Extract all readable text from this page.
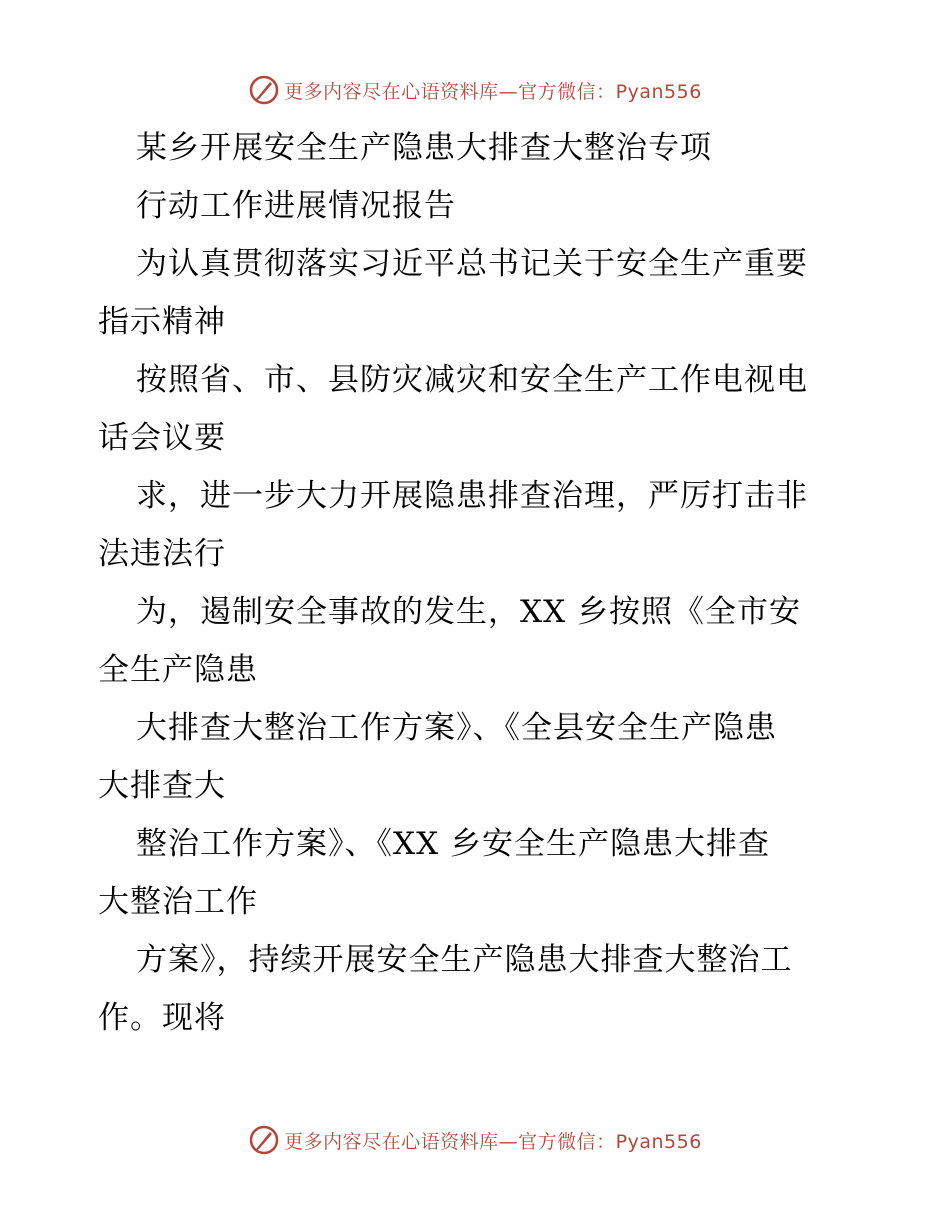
更多内容尽在心语资料库—官方微信：Pyan556
某乡开展安全生产隐患大排查大整治专项
行动工作进展情况报告
为认真贯彻落实习近平总书记关于安全生产重要
指示精神
按照省、市、县防灾减灾和安全生产工作电视电
话会议要
求，进一步大力开展隐患排查治理，严厉打击非
法违法行
为，遏制安全事故的发生，XX 乡按照《全市安
全生产隐患
大排查大整治工作方案》、《全县安全生产隐患
大排查大
整治工作方案》、《XX 乡安全生产隐患大排查
大整治工作
方案》，持续开展安全生产隐患大排查大整治工
作。现将
更多内容尽在心语资料库—官方微信：Pyan556
